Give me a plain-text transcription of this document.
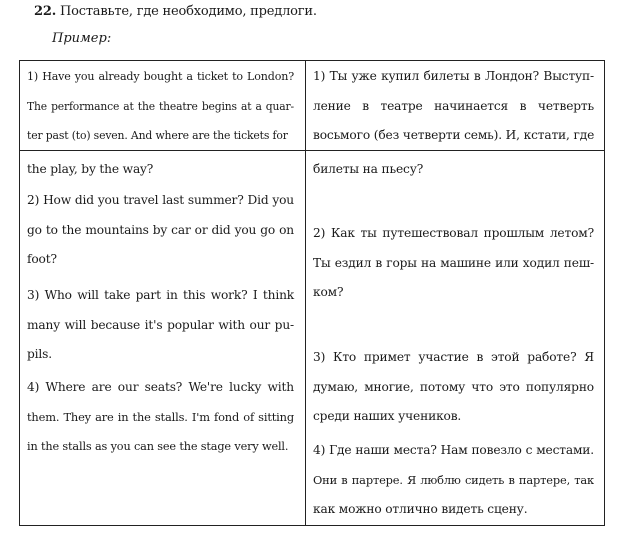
22. Поставьте, где необходимо, предлоги.
Пример:
1) Have you already bought a ticket to London?
The performance at the theatre begins at a quar-
ter past (to) seven. And where are the tickets for
the play, by the way?
2) How did you travel last summer? Did you
go to the mountains by car or did you go on
foot?
3) Who will take part in this work? I think
many will because it's popular with our pu-
pils.
4) Where are our seats? We're lucky with
them. They are in the stalls. I'm fond of sitting
in the stalls as you can see the stage very well.
1) Ты уже купил билеты в Лондон? Выступ-
ление в театре начинается в четверть
восьмого (без четверти семь). И, кстати, где
билеты на пьесу?
2) Как ты путешествовал прошлым летом?
Ты ездил в горы на машине или ходил пеш-
ком?
3) Кто примет участие в этой работе? Я
думаю, многие, потому что это популярно
среди наших учеников.
4) Где наши места? Нам повезло с местами.
Они в партере. Я люблю сидеть в партере, так
как можно отлично видеть сцену.
